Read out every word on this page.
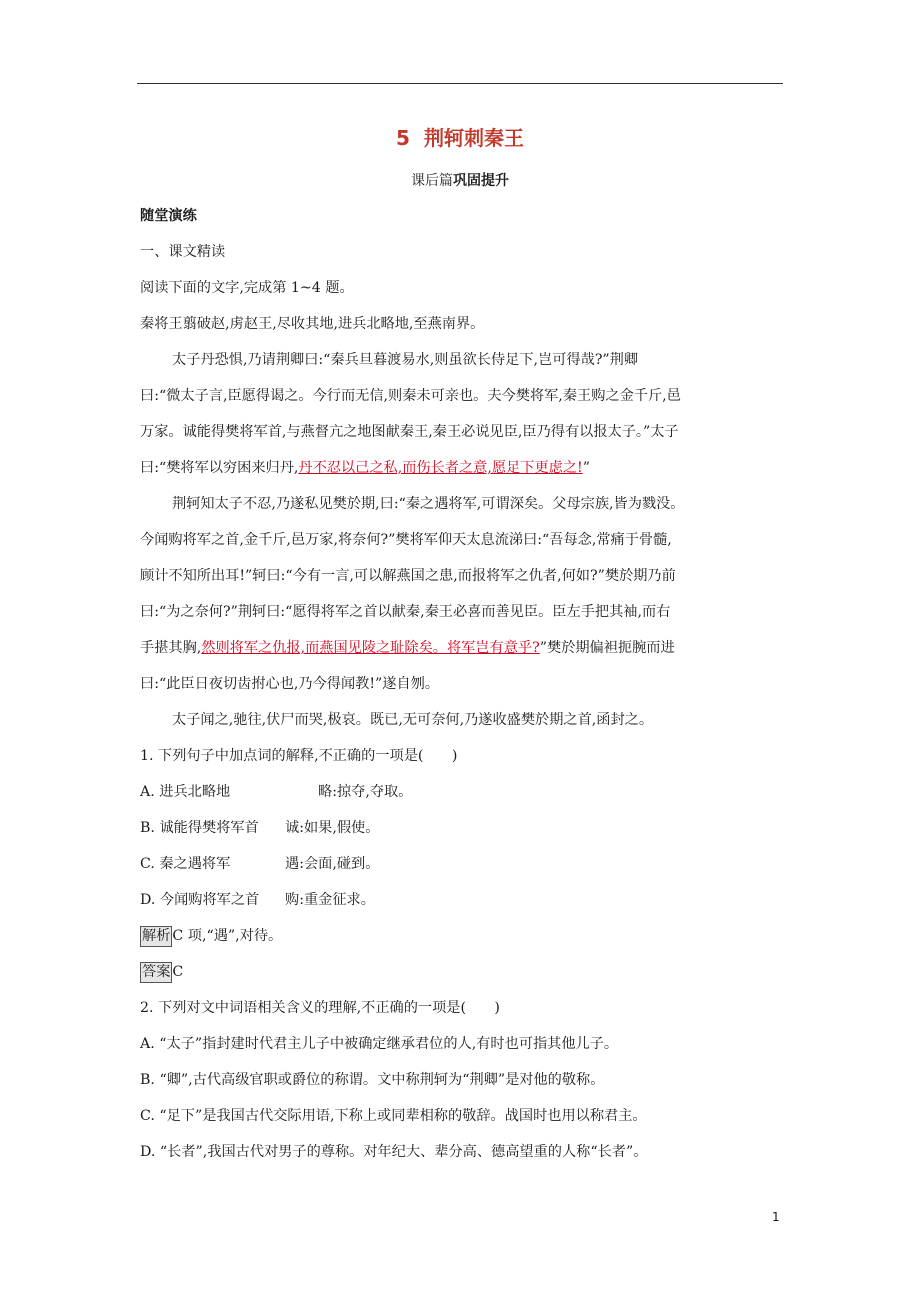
5 荆轲刺秦王
课后篇巩固提升
随堂演练
一、课文精读
阅读下面的文字,完成第 1~4 题。
秦将王翦破赵,虏赵王,尽收其地,进兵北略地,至燕南界。
太子丹恐惧,乃请荆卿曰:“秦兵旦暮渡易水,则虽欲长侍足下,岂可得哉?”荆卿
曰:“微太子言,臣愿得谒之。今行而无信,则秦未可亲也。夫今樊将军,秦王购之金千斤,邑
万家。诚能得樊将军首,与燕督亢之地图献秦王,秦王必说见臣,臣乃得有以报太子。”太子
曰:“樊将军以穷困来归丹,丹不忍以己之私,而伤长者之意,愿足下更虑之!”
荆轲知太子不忍,乃遂私见樊於期,曰:“秦之遇将军,可谓深矣。父母宗族,皆为戮没。
今闻购将军之首,金千斤,邑万家,将奈何?”樊将军仰天太息流涕曰:“吾每念,常痛于骨髓,
顾计不知所出耳!”轲曰:“今有一言,可以解燕国之患,而报将军之仇者,何如?”樊於期乃前
曰:“为之奈何?”荆轲曰:“愿得将军之首以献秦,秦王必喜而善见臣。臣左手把其袖,而右
手揕其胸,然则将军之仇报,而燕国见陵之耻除矣。将军岂有意乎?”樊於期偏袒扼腕而进
曰:“此臣日夜切齿拊心也,乃今得闻教!”遂自刎。
太子闻之,驰往,伏尸而哭,极哀。既已,无可奈何,乃遂收盛樊於期之首,函封之。
1. 下列句子中加点词的解释,不正确的一项是(　　)
A. 进兵北略地	略:掠夺,夺取。
B. 诚能得樊将军首 诚:如果,假使。
C. 秦之遇将军	遇:会面,碰到。
D. 今闻购将军之首 购:重金征求。
解析 C 项,“遇”,对待。
答案 C
2. 下列对文中词语相关含义的理解,不正确的一项是(　　)
A. “太子”指封建时代君主儿子中被确定继承君位的人,有时也可指其他儿子。
B. “卿”,古代高级官职或爵位的称谓。文中称荆轲为“荆卿”是对他的敬称。
C. “足下”是我国古代交际用语,下称上或同辈相称的敬辞。战国时也用以称君主。
D. “长者”,我国古代对男子的尊称。对年纪大、辈分高、德高望重的人称“长者”。
1
